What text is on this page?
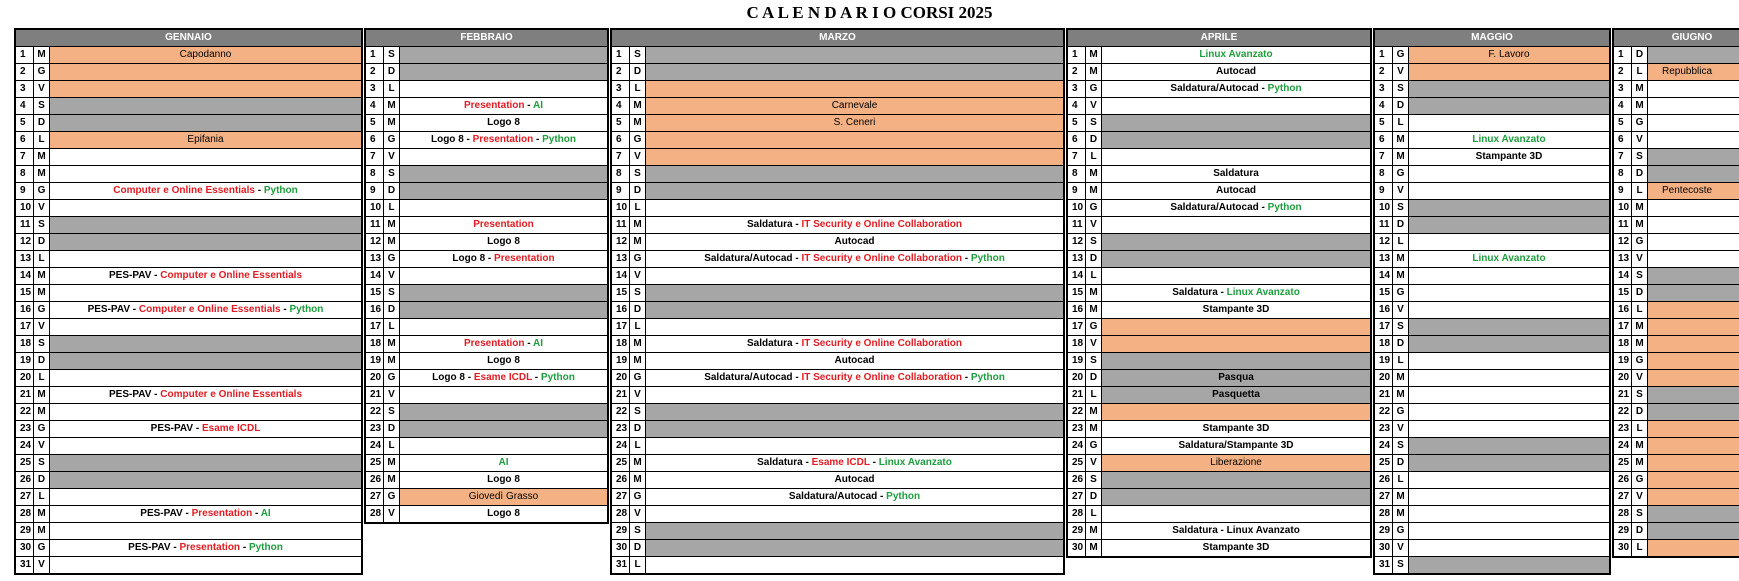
C A L E N D A R I O CORSI 2025
GENNAIO
1	M	Capodanno
2	G
3	V
4	S
5	D
6	L	Epifania
7	M
8	M
9	G	Computer e Online Essentials - Python
10 V
11 S
12 D
13 L
14 M	PES-PAV - Computer e Online Essentials
15 M
16 G	PES-PAV - Computer e Online Essentials - Python
17 V
18 S
19 D
20 L
21 M	PES-PAV - Computer e Online Essentials
22 M
23 G	PES-PAV - Esame ICDL
24 V
25 S
26 D
27 L
28 M	PES-PAV - Presentation - AI
29 M
30 G	PES-PAV - Presentation - Python
31 V
FEBBRAIO
1	S
2	D
3	L
4	M	Presentation - AI
5	M	Logo 8
6	G	Logo 8 - Presentation - Python
7	V
8	S
9	D
10 L
11 M	Presentation
12 M	Logo 8
13 G	Logo 8 - Presentation
14 V
15 S
16 D
17 L
18 M	Presentation - AI
19 M	Logo 8
20 G	Logo 8 - Esame ICDL - Python
21 V
22 S
23 D
24 L
25 M	AI
26 M	Logo 8
27 G	Giovedì Grasso
28 V	Logo 8
MARZO
1	S
2	D
3	L
4	M	Carnevale
5	M	S. Ceneri
6	G
7	V
8	S
9	D
10 L
11 M	Saldatura - IT Security e Online Collaboration
12 M	Autocad
13 G	Saldatura/Autocad - IT Security e Online Collaboration - Python
14 V
15 S
16 D
17 L
18 M	Saldatura - IT Security e Online Collaboration
19 M	Autocad
20 G	Saldatura/Autocad - IT Security e Online Collaboration - Python
21 V
22 S
23 D
24 L
25 M	Saldatura - Esame ICDL - Linux Avanzato
26 M	Autocad
27 G	Saldatura/Autocad - Python
28 V
29 S
30 D
31 L
APRILE
1	M	Linux Avanzato
2	M	Autocad
3	G	Saldatura/Autocad - Python
4	V
5	S
6	D
7	L
8	M	Saldatura
9	M	Autocad
10 G	Saldatura/Autocad - Python
11 V
12 S
13 D
14 L
15 M	Saldatura - Linux Avanzato
16 M	Stampante 3D
17 G
18 V
19 S
20 D	Pasqua
21 L	Pasquetta
22 M
23 M	Stampante 3D
24 G	Saldatura/Stampante 3D
25 V	Liberazione
26 S
27 D
28 L
29 M	Saldatura - Linux Avanzato
30 M	Stampante 3D
MAGGIO
1	G	F. Lavoro
2	V
3	S
4	D
5	L
6	M	Linux Avanzato
7	M	Stampante 3D
8	G
9	V
10 S
11 D
12 L
13 M	Linux Avanzato
14 M
15 G
16 V
17 S
18 D
19 L
20 M
21 M
22 G
23 V
24 S
25 D
26 L
27 M
28 M
29 G
30 V
31 S
GIUGNO
1	D
2	L	Repubblica
3	M
4	M
5	G
6	V
7	S
8	D
9	L	Pentecoste
10 M
11 M
12 G
13 V
14 S
15 D
16 L
17 M
18 M
19 G
20 V
21 S
22 D
23 L
24 M
25 M
26 G
27 V
28 S
29 D
30 L
